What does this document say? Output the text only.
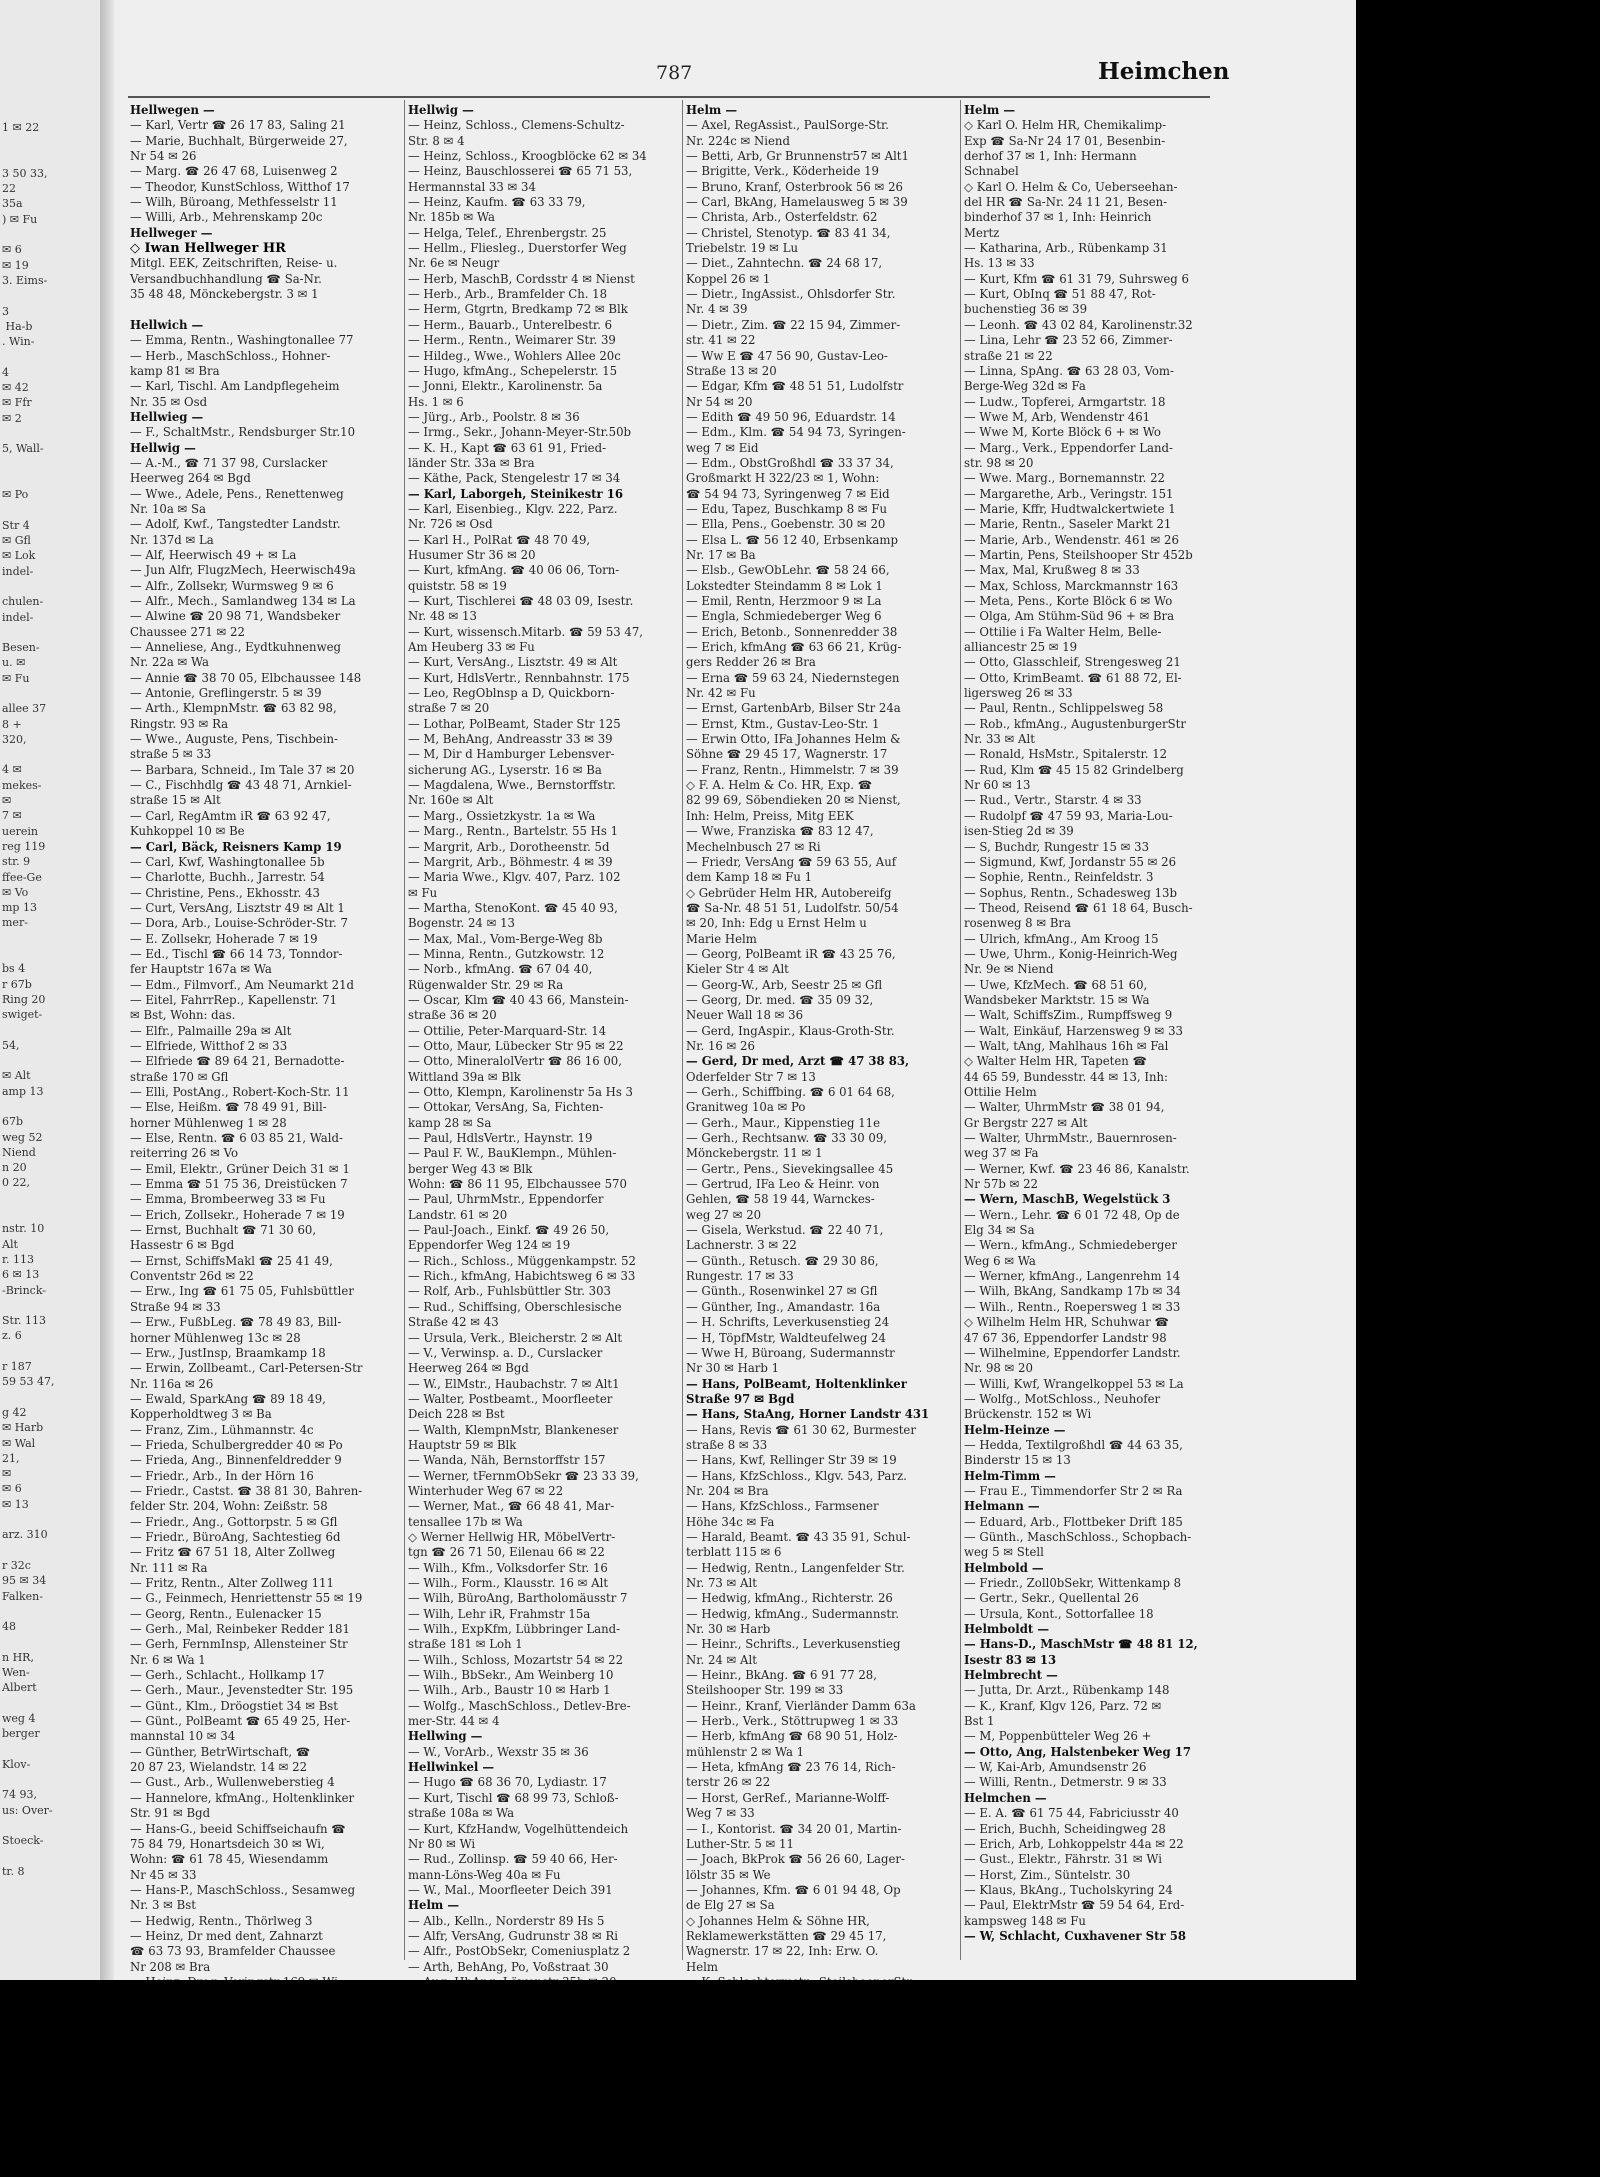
1 ✉ 22

3 50 33,
22
35a
) ✉ Fu

✉ 6
✉ 19
3. Eims-

3
Ha-b
. Win-

4
✉ 42
✉ Ffr
✉ 2

5, Wall-

✉ Po

Str 4
✉ Gfl
✉ Lok
indel-

chulen-
indel-

Besen-
u. ✉
✉ Fu

allee 37
8 +
320,

4 ✉
mekes-
✉
7 ✉
uerein
reg 119
str. 9
ffee-Ge
✉ Vo
mp 13
mer-

bs 4
r 67b
Ring 20
swiget-

54,

✉ Alt
amp 13

67b
weg 52
Niend
n 20
0 22,

nstr. 10
Alt
r. 113
6 ✉ 13
-Brinck-

Str. 113
z. 6

r 187
59 53 47,

g 42
✉ Harb
✉ Wal
21,
✉
✉ 6
✉ 13

arz. 310

r 32c
95 ✉ 34
Falken-

48

n HR,
Wen-
Albert

weg 4
berger

Klov-

74 93,
us: Over-

Stoeck-

tr. 8
787	Heimchen
Hellwegen —
— Karl, Vertr ☎ 26 17 83, Saling 21
— Marie, Buchhalt, Bürgerweide 27,
Nr 54 ✉ 26
— Marg. ☎ 26 47 68, Luisenweg 2
— Theodor, KunstSchloss, Witthof 17
— Wilh, Büroang, Methfesselstr 11
— Willi, Arb., Mehrenskamp 20c
Hellweger —
◇ Iwan Hellweger HR
Mitgl. EEK, Zeitschriften, Reise- u.
Versandbuchhandlung ☎ Sa-Nr.
35 48 48, Mönckebergstr. 3 ✉ 1
Hellwich —
— Emma, Rentn., Washingtonallee 77
— Herb., MaschSchloss., Hohner-
kamp 81 ✉ Bra
— Karl, Tischl. Am Landpflegeheim
Nr. 35 ✉ Osd
Hellwieg —
— F., SchaltMstr., Rendsburger Str.10
Hellwig —
— A.-M., ☎ 71 37 98, Curslacker
Heerweg 264 ✉ Bgd
— Wwe., Adele, Pens., Renettenweg
Nr. 10a ✉ Sa
— Adolf, Kwf., Tangstedter Landstr.
Nr. 137d ✉ La
— Alf, Heerwisch 49 + ✉ La
— Jun Alfr, FlugzMech, Heerwisch49a
— Alfr., Zollsekr, Wurmsweg 9 ✉ 6
— Alfr., Mech., Samlandweg 134 ✉ La
— Alwine ☎ 20 98 71, Wandsbeker
Chaussee 271 ✉ 22
— Anneliese, Ang., Eydtkuhnenweg
Nr. 22a ✉ Wa
— Annie ☎ 38 70 05, Elbchaussee 148
— Antonie, Greflingerstr. 5 ✉ 39
— Arth., KlempnMstr. ☎ 63 82 98,
Ringstr. 93 ✉ Ra
— Wwe., Auguste, Pens, Tischbein-
straße 5 ✉ 33
— Barbara, Schneid., Im Tale 37 ✉ 20
— C., Fischhdlg ☎ 43 48 71, Arnkiel-
straße 15 ✉ Alt
— Carl, RegAmtm iR ☎ 63 92 47,
Kuhkoppel 10 ✉ Be
— Carl, Bäck, Reisners Kamp 19
— Carl, Kwf, Washingtonallee 5b
— Charlotte, Buchh., Jarrestr. 54
— Christine, Pens., Ekhosstr. 43
— Curt, VersAng, Lisztstr 49 ✉ Alt 1
— Dora, Arb., Louise-Schröder-Str. 7
— E. Zollsekr, Hoherade 7 ✉ 19
— Ed., Tischl ☎ 66 14 73, Tonndor-
fer Hauptstr 167a ✉ Wa
— Edm., Filmvorf., Am Neumarkt 21d
— Eitel, FahrrRep., Kapellenstr. 71
✉ Bst, Wohn: das.
— Elfr., Palmaille 29a ✉ Alt
— Elfriede, Witthof 2 ✉ 33
— Elfriede ☎ 89 64 21, Bernadotte-
straße 170 ✉ Gfl
— Elli, PostAng., Robert-Koch-Str. 11
— Else, Heißm. ☎ 78 49 91, Bill-
horner Mühlenweg 1 ✉ 28
— Else, Rentn. ☎ 6 03 85 21, Wald-
reiterring 26 ✉ Vo
— Emil, Elektr., Grüner Deich 31 ✉ 1
— Emma ☎ 51 75 36, Dreistücken 7
— Emma, Brombeerweg 33 ✉ Fu
— Erich, Zollsekr., Hoherade 7 ✉ 19
— Ernst, Buchhalt ☎ 71 30 60,
Hassestr 6 ✉ Bgd
— Ernst, SchiffsMakl ☎ 25 41 49,
Conventstr 26d ✉ 22
— Erw., Ing ☎ 61 75 05, Fuhlsbüttler
Straße 94 ✉ 33
— Erw., FußbLeg. ☎ 78 49 83, Bill-
horner Mühlenweg 13c ✉ 28
— Erw., JustInsp, Braamkamp 18
— Erwin, Zollbeamt., Carl-Petersen-Str
Nr. 116a ✉ 26
— Ewald, SparkAng ☎ 89 18 49,
Kopperholdtweg 3 ✉ Ba
— Franz, Zim., Lühmannstr. 4c
— Frieda, Schulbergredder 40 ✉ Po
— Frieda, Ang., Binnenfeldredder 9
— Friedr., Arb., In der Hörn 16
— Friedr., Castst. ☎ 38 81 30, Bahren-
felder Str. 204, Wohn: Zeißstr. 58
— Friedr., Ang., Gottorpstr. 5 ✉ Gfl
— Friedr., BüroAng, Sachtestieg 6d
— Fritz ☎ 67 51 18, Alter Zollweg
Nr. 111 ✉ Ra
— Fritz, Rentn., Alter Zollweg 111
— G., Feinmech, Henriettenstr 55 ✉ 19
— Georg, Rentn., Eulenacker 15
— Gerh., Mal, Reinbeker Redder 181
— Gerh, FernmInsp, Allensteiner Str
Nr. 6 ✉ Wa 1
— Gerh., Schlacht., Hollkamp 17
— Gerh., Maur., Jevenstedter Str. 195
— Günt., Klm., Dröogstiet 34 ✉ Bst
— Günt., PolBeamt ☎ 65 49 25, Her-
mannstal 10 ✉ 34
— Günther, BetrWirtschaft, ☎
20 87 23, Wielandstr. 14 ✉ 22
— Gust., Arb., Wullenweberstieg 4
— Hannelore, kfmAng., Holtenklinker
Str. 91 ✉ Bgd
— Hans-G., beeid Schiffseichaufn ☎
75 84 79, Honartsdeich 30 ✉ Wi,
Wohn: ☎ 61 78 45, Wiesendamm
Nr 45 ✉ 33
— Hans-P., MaschSchloss., Sesamweg
Nr. 3 ✉ Bst
— Hedwig, Rentn., Thörlweg 3
— Heinz, Dr med dent, Zahnarzt
☎ 63 73 93, Bramfelder Chaussee
Nr 208 ✉ Bra
Hellwig —
— Heinz, Schloss., Clemens-Schultz-
Str. 8 ✉ 4
— Heinz, Schloss., Kroogblöcke 62 ✉ 34
— Heinz, Bauschlosserei ☎ 65 71 53,
Hermannstal 33 ✉ 34
— Heinz, Kaufm. ☎ 63 33 79,
Nr. 185b ✉ Wa
— Helga, Telef., Ehrenbergstr. 25
— Hellm., Fliesleg., Duerstorfer Weg
Nr. 6e ✉ Neugr
— Herb, MaschB, Cordsstr 4 ✉ Nienst
— Herb., Arb., Bramfelder Ch. 18
— Herm, Gtgrtn, Bredkamp 72 ✉ Blk
— Herm., Bauarb., Unterelbestr. 6
— Herm., Rentn., Weimarer Str. 39
— Hildeg., Wwe., Wohlers Allee 20c
— Hugo, kfmAng., Schepelerstr. 15
— Jonni, Elektr., Karolinenstr. 5a
Hs. 1 ✉ 6
— Jürg., Arb., Poolstr. 8 ✉ 36
— Irmg., Sekr., Johann-Meyer-Str.50b
— K. H., Kapt ☎ 63 61 91, Fried-
länder Str. 33a ✉ Bra
— Käthe, Pack, Stengelestr 17 ✉ 34
— Karl, Laborgeh, Steinikestr 16
— Karl, Eisenbieg., Klgv. 222, Parz.
Nr. 726 ✉ Osd
— Karl H., PolRat ☎ 48 70 49,
Husumer Str 36 ✉ 20
— Kurt, kfmAng. ☎ 40 06 06, Torn-
quiststr. 58 ✉ 19
— Kurt, Tischlerei ☎ 48 03 09, Isestr.
Nr. 48 ✉ 13
— Kurt, wissensch.Mitarb. ☎ 59 53 47,
Am Heuberg 33 ✉ Fu
— Kurt, VersAng., Lisztstr. 49 ✉ Alt
— Kurt, HdlsVertr., Rennbahnstr. 175
— Leo, RegOblnsp a D, Quickborn-
straße 7 ✉ 20
— Lothar, PolBeamt, Stader Str 125
— M, BehAng, Andreasstr 33 ✉ 39
— M, Dir d Hamburger Lebensver-
sicherung AG., Lyserstr. 16 ✉ Ba
— Magdalena, Wwe., Bernstorffstr.
Nr. 160e ✉ Alt
— Marg., Ossietzkystr. 1a ✉ Wa
— Marg., Rentn., Bartelstr. 55 Hs 1
— Margrit, Arb., Dorotheenstr. 5d
— Margrit, Arb., Böhmestr. 4 ✉ 39
— Maria Wwe., Klgv. 407, Parz. 102
✉ Fu
— Martha, StenoKont. ☎ 45 40 93,
Bogenstr. 24 ✉ 13
— Max, Mal., Vom-Berge-Weg 8b
— Minna, Rentn., Gutzkowstr. 12
— Norb., kfmAng. ☎ 67 04 40,
Rügenwalder Str. 29 ✉ Ra
— Oscar, Klm ☎ 40 43 66, Manstein-
straße 36 ✉ 20
— Ottilie, Peter-Marquard-Str. 14
— Otto, Maur, Lübecker Str 95 ✉ 22
— Otto, MineralolVertr ☎ 86 16 00,
Wittland 39a ✉ Blk
— Otto, Klempn, Karolinenstr 5a Hs 3
— Ottokar, VersAng, Sa, Fichten-
kamp 28 ✉ Sa
— Paul, HdlsVertr., Haynstr. 19
— Paul F. W., BauKlempn., Mühlen-
berger Weg 43 ✉ Blk
Wohn: ☎ 86 11 95, Elbchaussee 570
— Paul, UhrmMstr., Eppendorfer
Landstr. 61 ✉ 20
— Paul-Joach., Einkf. ☎ 49 26 50,
Eppendorfer Weg 124 ✉ 19
— Rich., Schloss., Müggenkampstr. 52
— Rich., kfmAng, Habichtsweg 6 ✉ 33
— Rolf, Arb., Fuhlsbüttler Str. 303
— Rud., Schiffsing, Oberschlesische
Straße 42 ✉ 43
— Ursula, Verk., Bleicherstr. 2 ✉ Alt
— V., Verwinsp. a. D., Curslacker
Heerweg 264 ✉ Bgd
— W., ElMstr., Haubachstr. 7 ✉ Alt1
— Walter, Postbeamt., Moorfleeter
Deich 228 ✉ Bst
— Walth, KlempnMstr, Blankeneser
Hauptstr 59 ✉ Blk
— Wanda, Näh, Bernstorffstr 157
— Werner, tFernmObSekr ☎ 23 33 39,
Winterhuder Weg 67 ✉ 22
— Werner, Mat., ☎ 66 48 41, Mar-
tensallee 17b ✉ Wa
◇ Werner Hellwig HR, MöbelVertr-
tgn ☎ 26 71 50, Eilenau 66 ✉ 22
— Wilh., Kfm., Volksdorfer Str. 16
— Wilh., Form., Klausstr. 16 ✉ Alt
— Wilh, BüroAng, Bartholomäusstr 7
— Wilh, Lehr iR, Frahmstr 15a
— Wilh., ExpKfm, Lübbringer Land-
straße 181 ✉ Loh 1
— Wilh., Schloss, Mozartstr 54 ✉ 22
— Wilh., BbSekr., Am Weinberg 10
— Wilh., Arb., Baustr 10 ✉ Harb 1
— Wolfg., MaschSchloss., Detlev-Bre-
mer-Str. 44 ✉ 4
Hellwing —
— W., VorArb., Wexstr 35 ✉ 36
Hellwinkel —
— Hugo ☎ 68 36 70, Lydiastr. 17
— Kurt, Tischl ☎ 68 99 73, Schloß-
straße 108a ✉ Wa
— Kurt, KfzHandw, Vogelhüttendeich
Nr 80 ✉ Wi
— Rud., Zollinsp. ☎ 59 40 66, Her-
mann-Löns-Weg 40a ✉ Fu
— W., Mal., Moorfleeter Deich 391
Helm —
— Alb., Kelln., Norderstr 89 Hs 5
— Alfr, VersAng, Gudrunstr 38 ✉ Ri
— Alfr., PostObSekr, Comeniusplatz 2
— Arth, BehAng, Po, Voßstraat 30
Helm —
— Axel, RegAssist., PaulSorge-Str.
Nr. 224c ✉ Niend
— Betti, Arb, Gr Brunnenstr57 ✉ Alt1
— Brigitte, Verk., Köderheide 19
— Bruno, Kranf, Osterbrook 56 ✉ 26
— Carl, BkAng, Hamelausweg 5 ✉ 39
— Christa, Arb., Osterfeldstr. 62
— Christel, Stenotyp. ☎ 83 41 34,
Triebelstr. 19 ✉ Lu
— Diet., Zahntechn. ☎ 24 68 17,
Koppel 26 ✉ 1
— Dietr., IngAssist., Ohlsdorfer Str.
Nr. 4 ✉ 39
— Dietr., Zim. ☎ 22 15 94, Zimmer-
str. 41 ✉ 22
— Ww E ☎ 47 56 90, Gustav-Leo-
Straße 13 ✉ 20
— Edgar, Kfm ☎ 48 51 51, Ludolfstr
Nr 54 ✉ 20
— Edith ☎ 49 50 96, Eduardstr. 14
— Edm., Klm. ☎ 54 94 73, Syringen-
weg 7 ✉ Eid
— Edm., ObstGroßhdl ☎ 33 37 34,
Großmarkt H 322/23 ✉ 1, Wohn:
☎ 54 94 73, Syringenweg 7 ✉ Eid
— Edu, Tapez, Buschkamp 8 ✉ Fu
— Ella, Pens., Goebenstr. 30 ✉ 20
— Elsa L. ☎ 56 12 40, Erbsenkamp
Nr. 17 ✉ Ba
— Elsb., GewObLehr. ☎ 58 24 66,
Lokstedter Steindamm 8 ✉ Lok 1
— Emil, Rentn, Herzmoor 9 ✉ La
— Engla, Schmiedeberger Weg 6
— Erich, Betonb., Sonnenredder 38
— Erich, kfmAng ☎ 63 66 21, Krüg-
gers Redder 26 ✉ Bra
— Erna ☎ 59 63 24, Niedernstegen
Nr. 42 ✉ Fu
— Ernst, GartenbArb, Bilser Str 24a
— Ernst, Ktm., Gustav-Leo-Str. 1
— Erwin Otto, IFa Johannes Helm &
Söhne ☎ 29 45 17, Wagnerstr. 17
— Franz, Rentn., Himmelstr. 7 ✉ 39
◇ F. A. Helm & Co. HR, Exp. ☎
82 99 69, Söbendieken 20 ✉ Nienst,
Inh: Helm, Preiss, Mitg EEK
— Wwe, Franziska ☎ 83 12 47,
Mechelnbusch 27 ✉ Ri
— Friedr, VersAng ☎ 59 63 55, Auf
dem Kamp 18 ✉ Fu 1
◇ Gebrüder Helm HR, Autobereifg
☎ Sa-Nr. 48 51 51, Ludolfstr. 50/54
✉ 20, Inh: Edg u Ernst Helm u
Marie Helm
— Georg, PolBeamt iR ☎ 43 25 76,
Kieler Str 4 ✉ Alt
— Georg-W., Arb, Seestr 25 ✉ Gfl
— Georg, Dr. med. ☎ 35 09 32,
Neuer Wall 18 ✉ 36
— Gerd, IngAspir., Klaus-Groth-Str.
Nr. 16 ✉ 26
— Gerd, Dr med, Arzt ☎ 47 38 83,
Oderfelder Str 7 ✉ 13
— Gerh., Schiffbing. ☎ 6 01 64 68,
Granitweg 10a ✉ Po
— Gerh., Maur., Kippenstieg 11e
— Gerh., Rechtsanw. ☎ 33 30 09,
Mönckebergstr. 11 ✉ 1
— Gertr., Pens., Sievekingsallee 45
— Gertrud, IFa Leo & Heinr. von
Gehlen, ☎ 58 19 44, Warnckes-
weg 27 ✉ 20
— Gisela, Werkstud. ☎ 22 40 71,
Lachnerstr. 3 ✉ 22
— Günth., Retusch. ☎ 29 30 86,
Rungestr. 17 ✉ 33
— Günth., Rosenwinkel 27 ✉ Gfl
— Günther, Ing., Amandastr. 16a
— H. Schrifts, Leverkusenstieg 24
— H, TöpfMstr, Waldteufelweg 24
— Wwe H, Büroang, Sudermannstr
Nr 30 ✉ Harb 1
— Hans, PolBeamt, Holtenklinker
Straße 97 ✉ Bgd
— Hans, StaAng, Horner Landstr 431
— Hans, Revis ☎ 61 30 62, Burmester
straße 8 ✉ 33
— Hans, Kwf, Rellinger Str 39 ✉ 19
— Hans, KfzSchloss., Klgv. 543, Parz.
Nr. 204 ✉ Bra
— Hans, KfzSchloss., Farmsener
Höhe 34c ✉ Fa
— Harald, Beamt. ☎ 43 35 91, Schul-
terblatt 115 ✉ 6
— Hedwig, Rentn., Langenfelder Str.
Nr. 73 ✉ Alt
— Hedwig, kfmAng., Richterstr. 26
— Hedwig, kfmAng., Sudermannstr.
Nr. 30 ✉ Harb
— Heinr., Schrifts., Leverkusenstieg
Nr. 24 ✉ Alt
— Heinr., BkAng. ☎ 6 91 77 28,
Steilshooper Str. 199 ✉ 33
— Heinr., Kranf, Vierländer Damm 63a
— Herb., Verk., Stöttrupweg 1 ✉ 33
— Herb, kfmAng ☎ 68 90 51, Holz-
mühlenstr 2 ✉ Wa 1
— Heta, kfmAng ☎ 23 76 14, Rich-
terstr 26 ✉ 22
— Horst, GerRef., Marianne-Wolff-
Weg 7 ✉ 33
— I., Kontorist. ☎ 34 20 01, Martin-
Luther-Str. 5 ✉ 11
— Joach, BkProk ☎ 56 26 60, Lager-
lölstr 35 ✉ We
— Johannes, Kfm. ☎ 6 01 94 48, Op
de Elg 27 ✉ Sa
◇ Johannes Helm & Söhne HR,
Reklamewerkstätten ☎ 29 45 17,
Wagnerstr. 17 ✉ 22, Inh: Erw. O.
Helm
Helm —
◇ Karl O. Helm HR, Chemikalimp-
Exp ☎ Sa-Nr 24 17 01, Besenbin-
derhof 37 ✉ 1, Inh: Hermann
Schnabel
◇ Karl O. Helm & Co, Ueberseehan-
del HR ☎ Sa-Nr. 24 11 21, Besen-
binderhof 37 ✉ 1, Inh: Heinrich
Mertz
— Katharina, Arb., Rübenkamp 31
Hs. 13 ✉ 33
— Kurt, Kfm ☎ 61 31 79, Suhrsweg 6
— Kurt, ObInq ☎ 51 88 47, Rot-
buchenstieg 36 ✉ 39
— Leonh. ☎ 43 02 84, Karolinenstr.32
— Lina, Lehr ☎ 23 52 66, Zimmer-
straße 21 ✉ 22
— Linna, SpAng. ☎ 63 28 03, Vom-
Berge-Weg 32d ✉ Fa
— Ludw., Topferei, Armgartstr. 18
— Wwe M, Arb, Wendenstr 461
— Wwe M, Korte Blöck 6 + ✉ Wo
— Marg., Verk., Eppendorfer Land-
str. 98 ✉ 20
— Wwe. Marg., Bornemannstr. 22
— Margarethe, Arb., Veringstr. 151
— Marie, Kffr, Hudtwalckertwiete 1
— Marie, Rentn., Saseler Markt 21
— Marie, Arb., Wendenstr. 461 ✉ 26
— Martin, Pens, Steilshooper Str 452b
— Max, Mal, Krußweg 8 ✉ 33
— Max, Schloss, Marckmannstr 163
— Meta, Pens., Korte Blöck 6 ✉ Wo
— Olga, Am Stühm-Süd 96 + ✉ Bra
— Ottilie i Fa Walter Helm, Belle-
alliancestr 25 ✉ 19
— Otto, Glasschleif, Strengesweg 21
— Otto, KrimBeamt. ☎ 61 88 72, El-
ligersweg 26 ✉ 33
— Paul, Rentn., Schlippelsweg 58
— Rob., kfmAng., AugustenburgerStr
Nr. 33 ✉ Alt
— Ronald, HsMstr., Spitalerstr. 12
— Rud, Klm ☎ 45 15 82 Grindelberg
Nr 60 ✉ 13
— Rud., Vertr., Starstr. 4 ✉ 33
— Rudolpf ☎ 47 59 93, Maria-Lou-
isen-Stieg 2d ✉ 39
— S, Buchdr, Rungestr 15 ✉ 33
— Sigmund, Kwf, Jordanstr 55 ✉ 26
— Sophie, Rentn., Reinfeldstr. 3
— Sophus, Rentn., Schadesweg 13b
— Theod, Reisend ☎ 61 18 64, Busch-
rosenweg 8 ✉ Bra
— Ulrich, kfmAng., Am Kroog 15
— Uwe, Uhrm., Konig-Heinrich-Weg
Nr. 9e ✉ Niend
— Uwe, KfzMech. ☎ 68 51 60,
Wandsbeker Marktstr. 15 ✉ Wa
— Walt, SchiffsZim., Rumpffsweg 9
— Walt, Einkäuf, Harzensweg 9 ✉ 33
— Walt, tAng, Mahlhaus 16h ✉ Fal
◇ Walter Helm HR, Tapeten ☎
44 65 59, Bundesstr. 44 ✉ 13, Inh:
Ottilie Helm
— Walter, UhrmMstr ☎ 38 01 94,
Gr Bergstr 227 ✉ Alt
— Walter, UhrmMstr., Bauernrosen-
weg 37 ✉ Fa
— Werner, Kwf. ☎ 23 46 86, Kanalstr.
Nr 57b ✉ 22
— Wern, MaschB, Wegelstück 3
— Wern., Lehr. ☎ 6 01 72 48, Op de
Elg 34 ✉ Sa
— Wern., kfmAng., Schmiedeberger
Weg 6 ✉ Wa
— Werner, kfmAng., Langenrehm 14
— Wilh, BkAng, Sandkamp 17b ✉ 34
— Wilh., Rentn., Roepersweg 1 ✉ 33
◇ Wilhelm Helm HR, Schuhwar ☎
47 67 36, Eppendorfer Landstr 98
— Wilhelmine, Eppendorfer Landstr.
Nr. 98 ✉ 20
— Willi, Kwf, Wrangelkoppel 53 ✉ La
— Wolfg., MotSchloss., Neuhofer
Brückenstr. 152 ✉ Wi
Helm-Heinze —
— Hedda, Textilgroßhdl ☎ 44 63 35,
Binderstr 15 ✉ 13
Helm-Timm —
— Frau E., Timmendorfer Str 2 ✉ Ra
Helmann —
— Eduard, Arb., Flottbeker Drift 185
— Günth., MaschSchloss., Schopbach-
weg 5 ✉ Stell
Helmbold —
— Friedr., Zoll0bSekr, Wittenkamp 8
— Gertr., Sekr., Quellental 26
— Ursula, Kont., Sottorfallee 18
Helmboldt —
— Hans-D., MaschMstr ☎ 48 81 12,
Isestr 83 ✉ 13
Helmbrecht —
— Jutta, Dr. Arzt., Rübenkamp 148
— K., Kranf, Klgv 126, Parz. 72 ✉
Bst 1
— M, Poppenbütteler Weg 26 +
— Otto, Ang, Halstenbeker Weg 17
— W, Kai-Arb, Amundsenstr 26
— Willi, Rentn., Detmerstr. 9 ✉ 33
Helmchen —
— E. A. ☎ 61 75 44, Fabriciusstr 40
— Erich, Buchh, Scheidingweg 28
— Erich, Arb, Lohkoppelstr 44a ✉ 22
— Gust., Elektr., Fährstr. 31 ✉ Wi
— Horst, Zim., Süntelstr. 30
— Klaus, BkAng., Tucholskyring 24
— Paul, ElektrMstr ☎ 59 54 64, Erd-
kampsweg 148 ✉ Fu
— W, Schlacht, Cuxhavener Str 58
